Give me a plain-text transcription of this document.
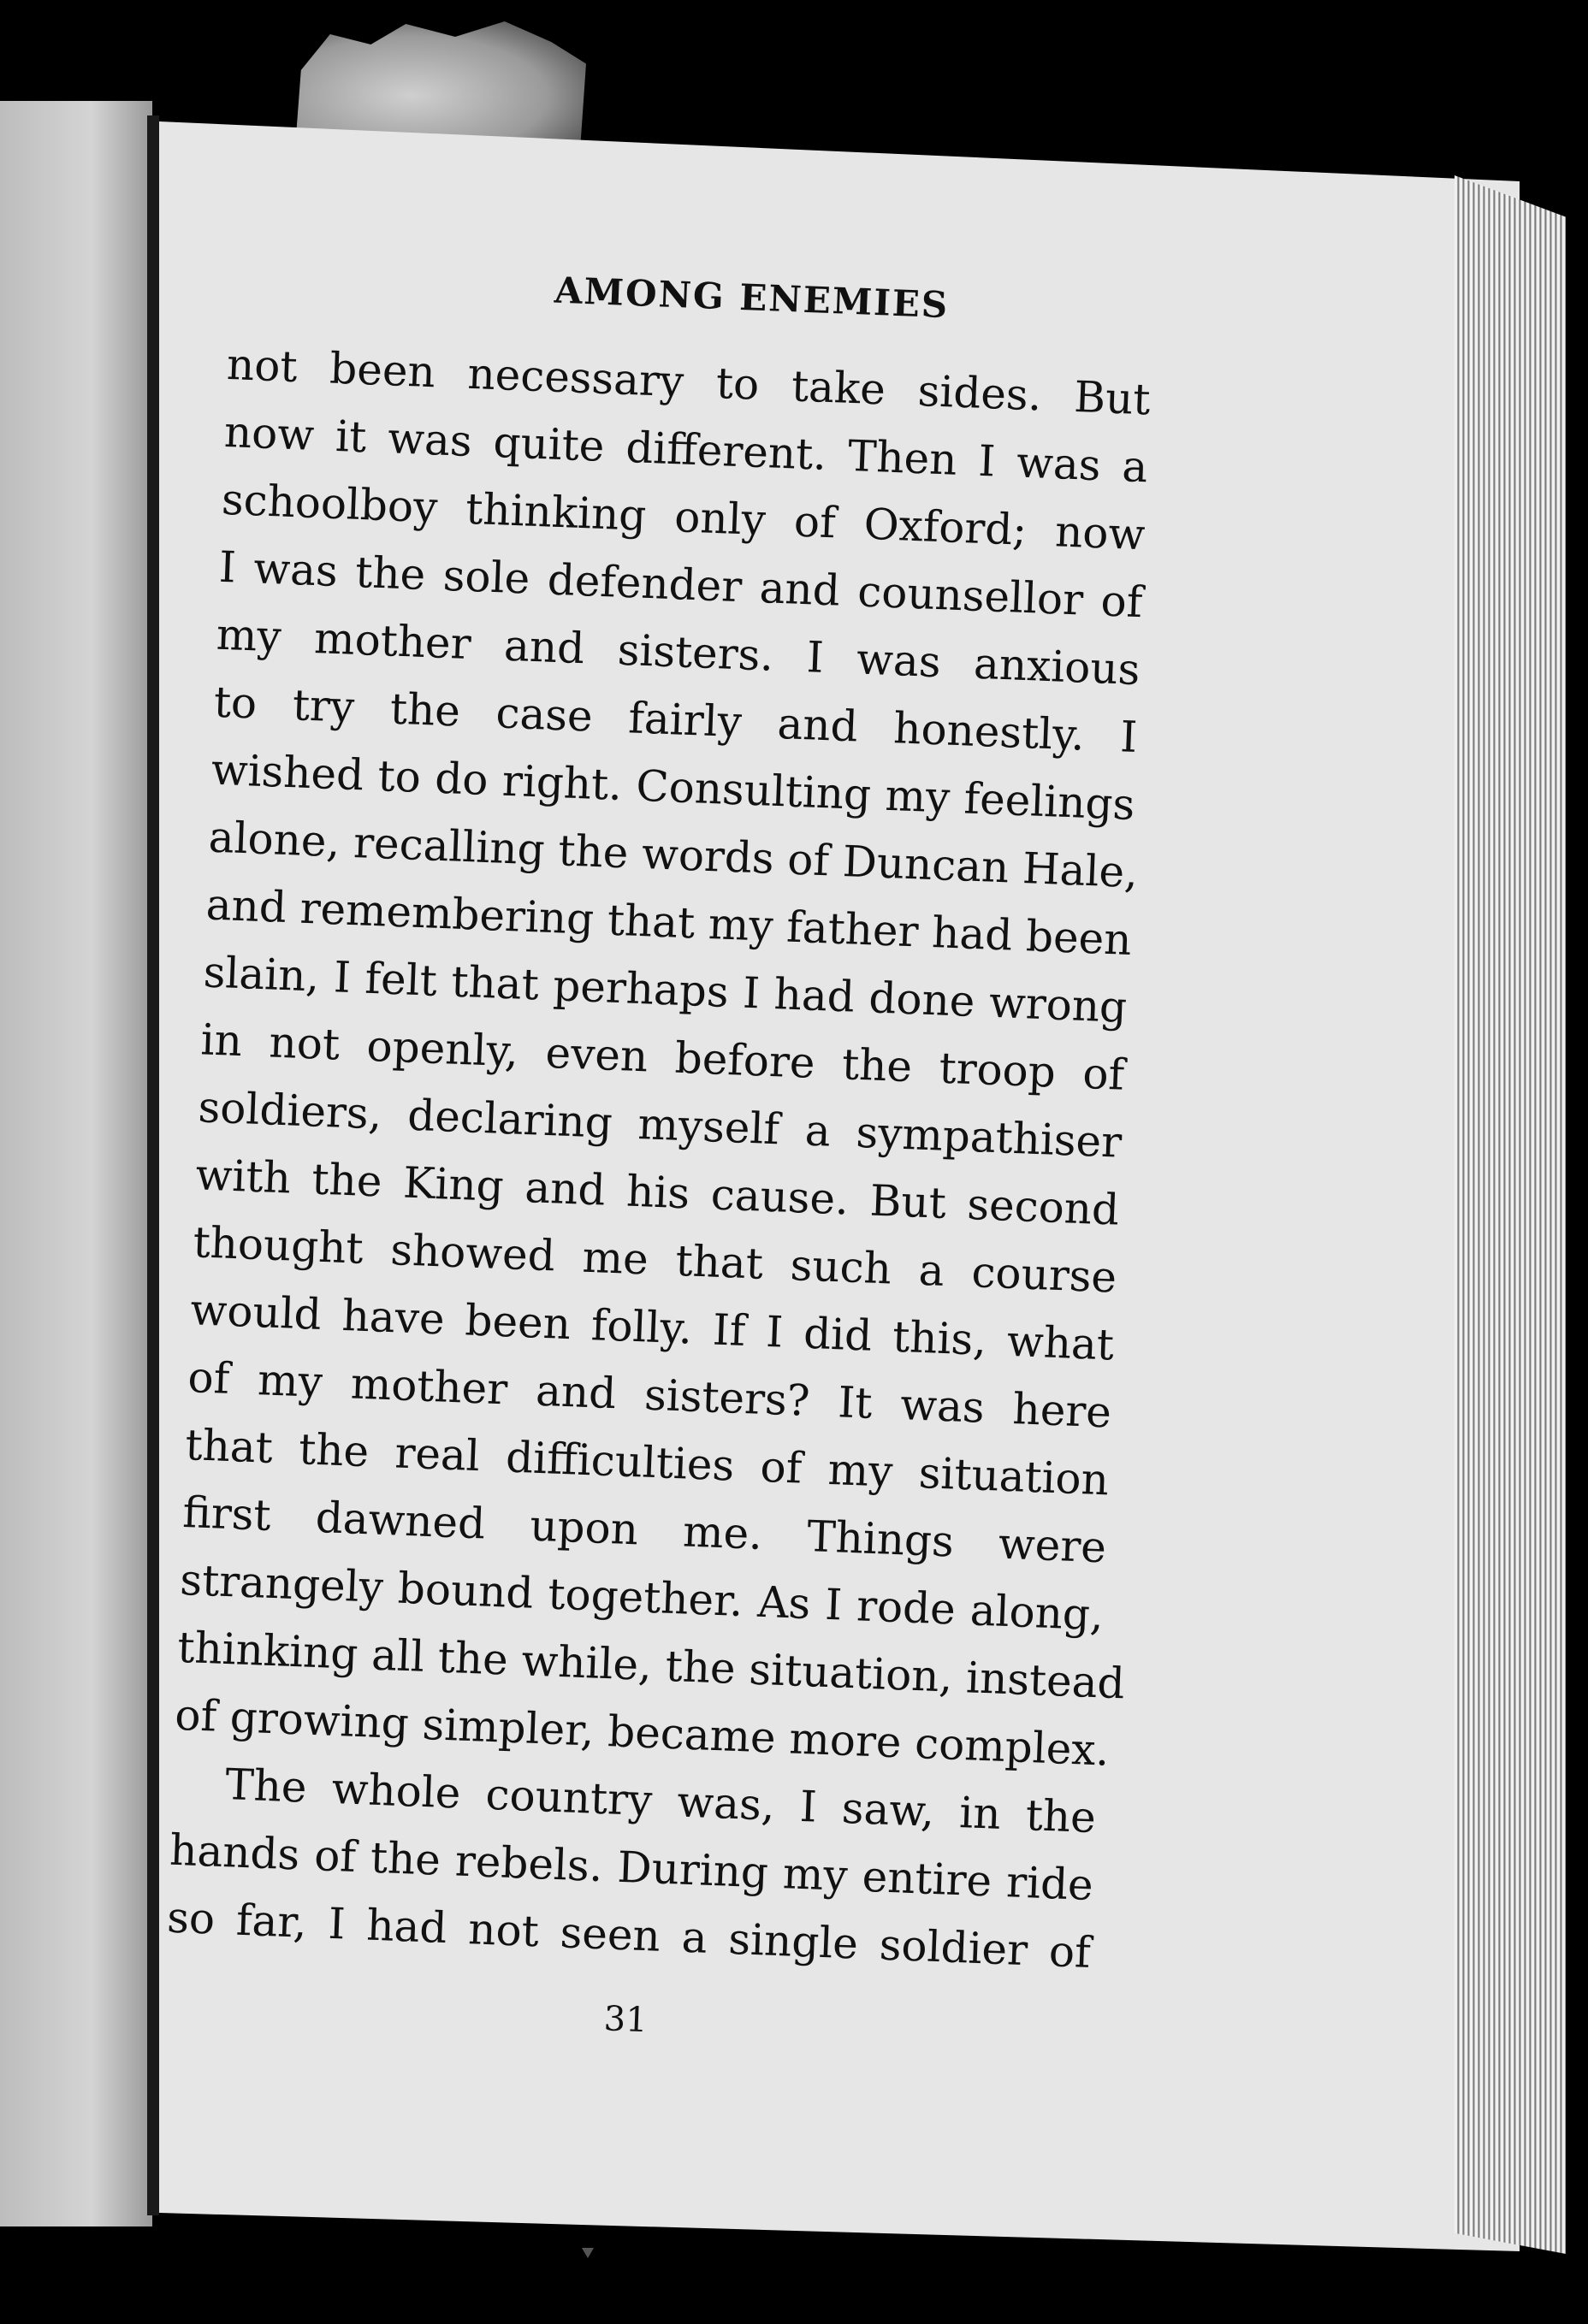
AMONG ENEMIES
not been necessary to take sides. But
now it was quite different. Then I was a
schoolboy thinking only of Oxford; now
I was the sole defender and counsellor of
my mother and sisters. I was anxious
to try the case fairly and honestly. I
wished to do right. Consulting my feelings
alone, recalling the words of Duncan Hale,
and remembering that my father had been
slain, I felt that perhaps I had done wrong
in not openly, even before the troop of
soldiers, declaring myself a sympathiser
with the King and his cause. But second
thought showed me that such a course
would have been folly. If I did this, what
of my mother and sisters? It was here
that the real difficulties of my situation
first dawned upon me. Things were
strangely bound together. As I rode along,
thinking all the while, the situation, instead
of growing simpler, became more complex.
The whole country was, I saw, in the
hands of the rebels. During my entire ride
so far, I had not seen a single soldier of
31
